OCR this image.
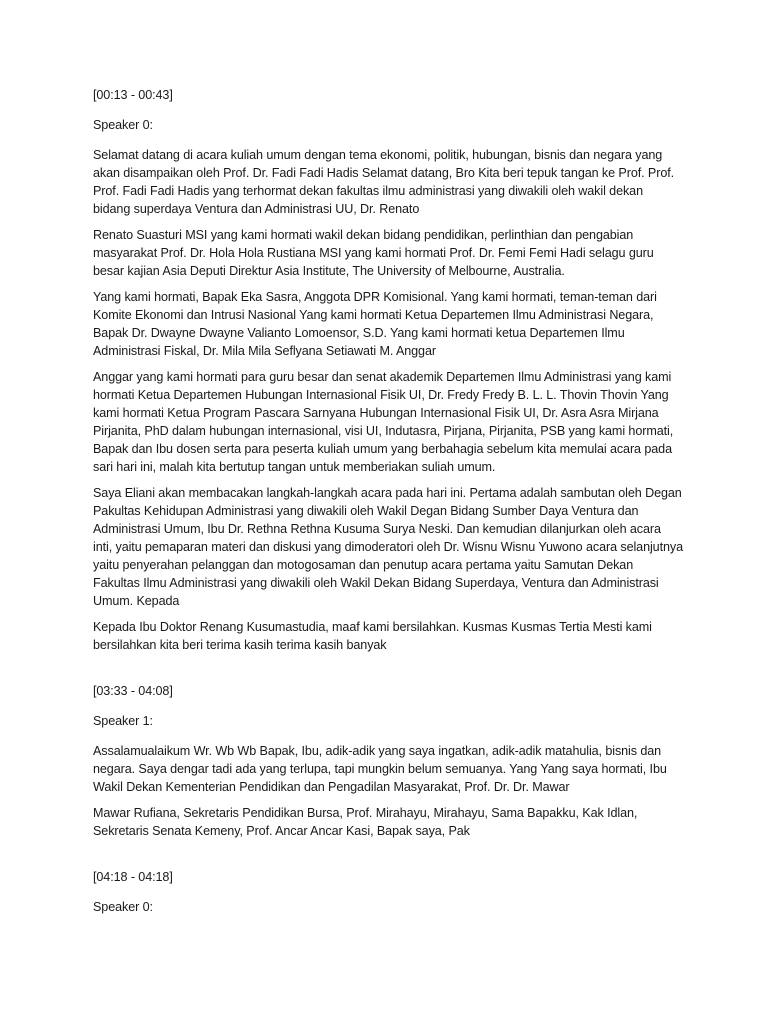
[00:13 - 00:43]

Speaker 0:

Selamat datang di acara kuliah umum dengan tema ekonomi, politik, hubungan, bisnis dan negara yang akan disampaikan oleh Prof. Dr. Fadi Fadi Hadis Selamat datang, Bro Kita beri tepuk tangan ke Prof. Prof. Prof. Fadi Fadi Hadis yang terhormat dekan fakultas ilmu administrasi yang diwakili oleh wakil dekan bidang superdaya Ventura dan Administrasi UU, Dr. Renato

Renato Suasturi MSI yang kami hormati wakil dekan bidang pendidikan, perlinthian dan pengabian masyarakat Prof. Dr. Hola Hola Rustiana MSI yang kami hormati Prof. Dr. Femi Femi Hadi selagu guru besar kajian Asia Deputi Direktur Asia Institute, The University of Melbourne, Australia.

Yang kami hormati, Bapak Eka Sasra, Anggota DPR Komisional. Yang kami hormati, teman-teman dari Komite Ekonomi dan Intrusi Nasional Yang kami hormati Ketua Departemen Ilmu Administrasi Negara, Bapak Dr. Dwayne Dwayne Valianto Lomoensor, S.D. Yang kami hormati ketua Departemen Ilmu Administrasi Fiskal, Dr. Mila Mila Seflyana Setiawati M. Anggar

Anggar yang kami hormati para guru besar dan senat akademik Departemen Ilmu Administrasi yang kami hormati Ketua Departemen Hubungan Internasional Fisik UI, Dr. Fredy Fredy B. L. L. Thovin Thovin Yang kami hormati Ketua Program Pascara Sarnyana Hubungan Internasional Fisik UI, Dr. Asra Asra Mirjana Pirjanita, PhD dalam hubungan internasional, visi UI, Indutasra, Pirjana, Pirjanita, PSB yang kami hormati, Bapak dan Ibu dosen serta para peserta kuliah umum yang berbahagia sebelum kita memulai acara pada sari hari ini, malah kita bertutup tangan untuk memberiakan suliah umum.

Saya Eliani akan membacakan langkah-langkah acara pada hari ini. Pertama adalah sambutan oleh Degan Pakultas Kehidupan Administrasi yang diwakili oleh Wakil Degan Bidang Sumber Daya Ventura dan Administrasi Umum, Ibu Dr. Rethna Rethna Kusuma Surya Neski. Dan kemudian dilanjurkan oleh acara inti, yaitu pemaparan materi dan diskusi yang dimoderatori oleh Dr. Wisnu Wisnu Yuwono acara selanjutnya yaitu penyerahan pelanggan dan motogosaman dan penutup acara pertama yaitu Samutan Dekan Fakultas Ilmu Administrasi yang diwakili oleh Wakil Dekan Bidang Superdaya, Ventura dan Administrasi Umum. Kepada

Kepada Ibu Doktor Renang Kusumastudia, maaf kami bersilahkan. Kusmas Kusmas Tertia Mesti kami bersilahkan kita beri terima kasih terima kasih banyak

[03:33 - 04:08]

Speaker 1:

Assalamualaikum Wr. Wb Wb Bapak, Ibu, adik-adik yang saya ingatkan, adik-adik matahulia, bisnis dan negara. Saya dengar tadi ada yang terlupa, tapi mungkin belum semuanya. Yang Yang saya hormati, Ibu Wakil Dekan Kementerian Pendidikan dan Pengadilan Masyarakat, Prof. Dr. Dr. Mawar

Mawar Rufiana, Sekretaris Pendidikan Bursa, Prof. Mirahayu, Mirahayu, Sama Bapakku, Kak Idlan, Sekretaris Senata Kemeny, Prof. Ancar Ancar Kasi, Bapak saya, Pak

[04:18 - 04:18]

Speaker 0:
